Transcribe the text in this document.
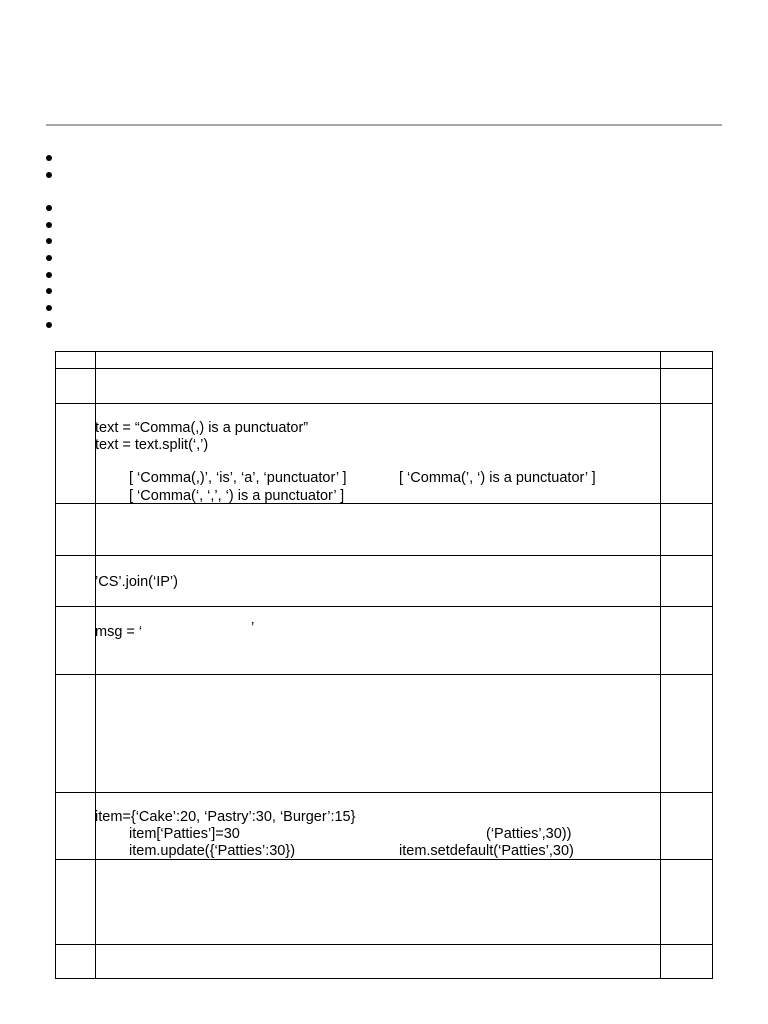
text = “Comma(,) is a punctuator”
text = text.split(‘,’)
[ ‘Comma(,)’, ‘is’, ‘a’, ‘punctuator’ ]	[ ‘Comma(’, ‘) is a punctuator’ ]
[ ‘Comma(‘, ‘,’, ‘) is a punctuator’ ]
’CS’.join(‘IP’)
msg = ‘	’
item={‘Cake’:20, ‘Pastry’:30, ‘Burger’:15}
item[‘Patties’]=30	(‘Patties’,30))
item.update({‘Patties’:30})	item.setdefault(‘Patties’,30)
